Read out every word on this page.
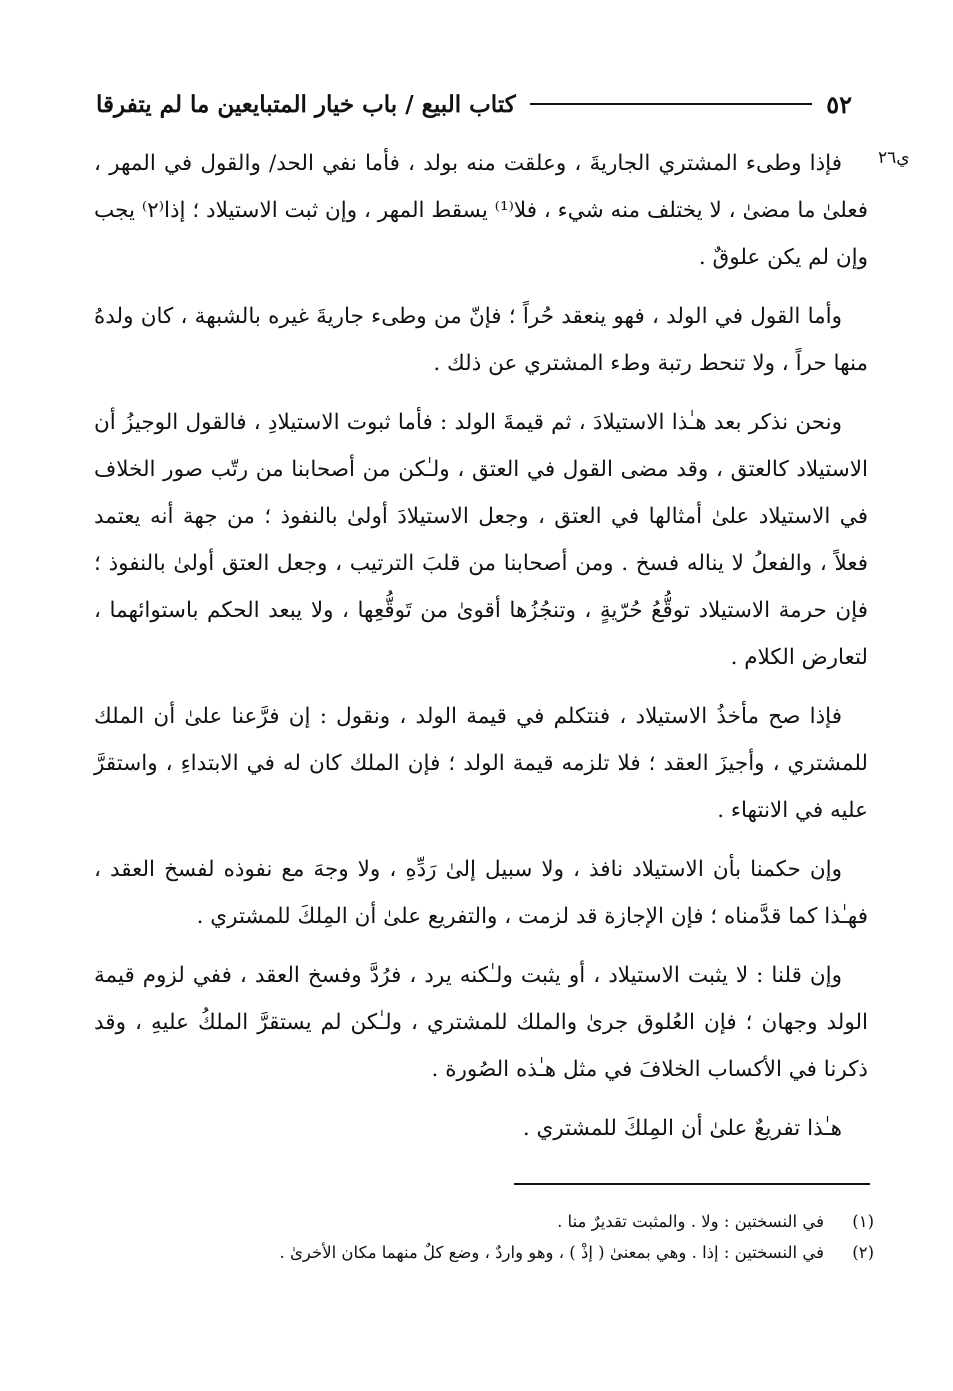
٥٢
كتاب البيع / باب خيار المتبايعين ما لم يتفرقا
ي٢٦

فإذا وطىء المشتري الجاريةَ ، وعلقت منه بولد ، فأما نفي الحد/ والقول في المهر ، فعلىٰ ما مضىٰ ، لا يختلف منه شيء ، فلا⁽¹⁾ يسقط المهر ، وإن ثبت الاستيلاد ؛ إذا⁽٢⁾ يجب وإن لم يكن علوقٌ .

وأما القول في الولد ، فهو ينعقد حُراً ؛ فإنّ من وطىء جاريةَ غيره بالشبهة ، كان ولدهُ منها حراً ، ولا تنحط رتبة وطء المشتري عن ذلك .

ونحن نذكر بعد هـٰذا الاستيلادَ ، ثم قيمةَ الولد : فأما ثبوت الاستيلادِ ، فالقول الوجيزُ أن الاستيلاد كالعتق ، وقد مضى القول في العتق ، ولـٰكن من أصحابنا من رتّب صور الخلاف في الاستيلاد علىٰ أمثالها في العتق ، وجعل الاستيلادَ أولىٰ بالنفوذ ؛ من جهة أنه يعتمد فعلاً ، والفعلُ لا يناله فسخ . ومن أصحابنا من قلبَ الترتيب ، وجعل العتق أولىٰ بالنفوذ ؛ فإن حرمة الاستيلاد توقُّعُ حُرّيةٍ ، وتنجُزُها أقوىٰ من تَوقُّعِها ، ولا يبعد الحكم باستوائهما ، لتعارض الكلام .

فإذا صح مأخذُ الاستيلاد ، فنتكلم في قيمة الولد ، ونقول : إن فرَّعنا علىٰ أن الملك للمشتري ، وأجيزَ العقد ؛ فلا تلزمه قيمة الولد ؛ فإن الملك كان له في الابتداءِ ، واستقرَّ عليه في الانتهاء .

وإن حكمنا بأن الاستيلاد نافذ ، ولا سبيل إلىٰ رَدِّهِ ، ولا وجهَ مع نفوذه لفسخ العقد ، فهـٰذا كما قدَّمناه ؛ فإن الإجازة قد لزمت ، والتفريع علىٰ أن المِلكَ للمشتري .

وإن قلنا : لا يثبت الاستيلاد ، أو يثبت ولـٰكنه يرد ، فرُدَّ وفسخ العقد ، ففي لزوم قيمة الولد وجهان ؛ فإن العُلوق جرىٰ والملك للمشتري ، ولـٰكن لم يستقرَّ الملكُ عليهِ ، وقد ذكرنا في الأكساب الخلافَ في مثل هـٰذه الصُورة .

هـٰذا تفريعٌ علىٰ أن المِلكَ للمشتري .

(١)
في النسختين : ولا . والمثبت تقديرٌ منا .
(٢)
في النسختين : إذا . وهي بمعنىٰ ( إذْ ) ، وهو واردٌ ، وضع كلٌ منهما مكان الأخرىٰ .
